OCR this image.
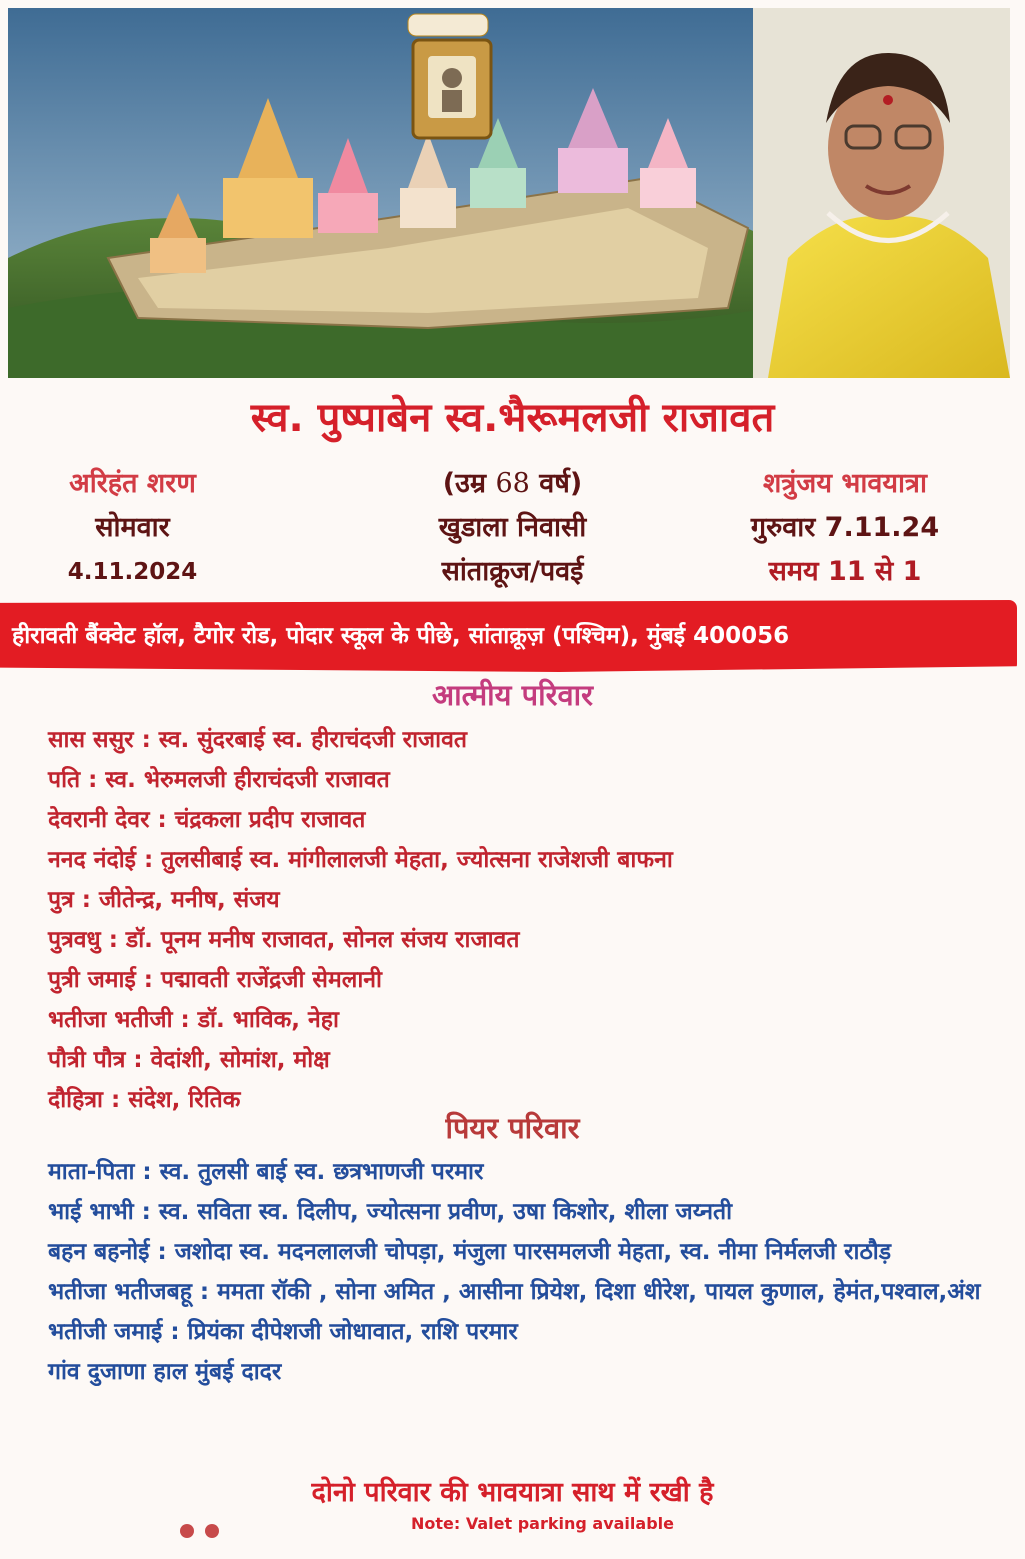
स्व. पुष्पाबेन स्व.भैरूमलजी राजावत
अरिहंत शरण
सोमवार
4.11.2024
(उम्र 68 वर्ष)
खुडाला निवासी
सांताक्रूज/पवई
शत्रुंजय भावयात्रा
गुरुवार 7.11.24
समय 11 से 1
हीरावती बैंक्वेट हॉल, टैगोर रोड, पोदार स्कूल के पीछे, सांताक्रूज़ (पश्चिम), मुंबई 400056
आत्मीय परिवार
सास ससुर : स्व. सुंदरबाई स्व. हीराचंदजी राजावत
पति : स्व. भेरुमलजी हीराचंदजी राजावत
देवरानी देवर : चंद्रकला प्रदीप राजावत
ननद नंदोई : तुलसीबाई स्व. मांगीलालजी मेहता, ज्योत्सना राजेशजी बाफना
पुत्र : जीतेन्द्र, मनीष, संजय
पुत्रवधु : डॉ. पूनम मनीष राजावत, सोनल संजय राजावत
पुत्री जमाई : पद्मावती राजेंद्रजी सेमलानी
भतीजा भतीजी : डॉ. भाविक, नेहा
पौत्री पौत्र : वेदांशी, सोमांश, मोक्ष
दौहित्रा : संदेश, रितिक
पियर परिवार
माता-पिता : स्व. तुलसी बाई स्व. छत्रभाणजी परमार
भाई भाभी : स्व. सविता स्व. दिलीप, ज्योत्सना प्रवीण, उषा किशोर, शीला जय्नती
बहन बहनोई : जशोदा स्व. मदनलालजी चोपड़ा, मंजुला पारसमलजी मेहता, स्व. नीमा निर्मलजी राठौड़
भतीजा भतीजबहू : ममता रॉकी , सोना अमित , आसीना प्रियेश, दिशा धीरेश, पायल कुणाल, हेमंत,पश्वाल,अंश
भतीजी जमाई : प्रियंका दीपेशजी जोधावात, राशि परमार
गांव दुजाणा हाल मुंबई दादर
दोनो परिवार की भावयात्रा साथ में रखी है
Note: Valet parking available
